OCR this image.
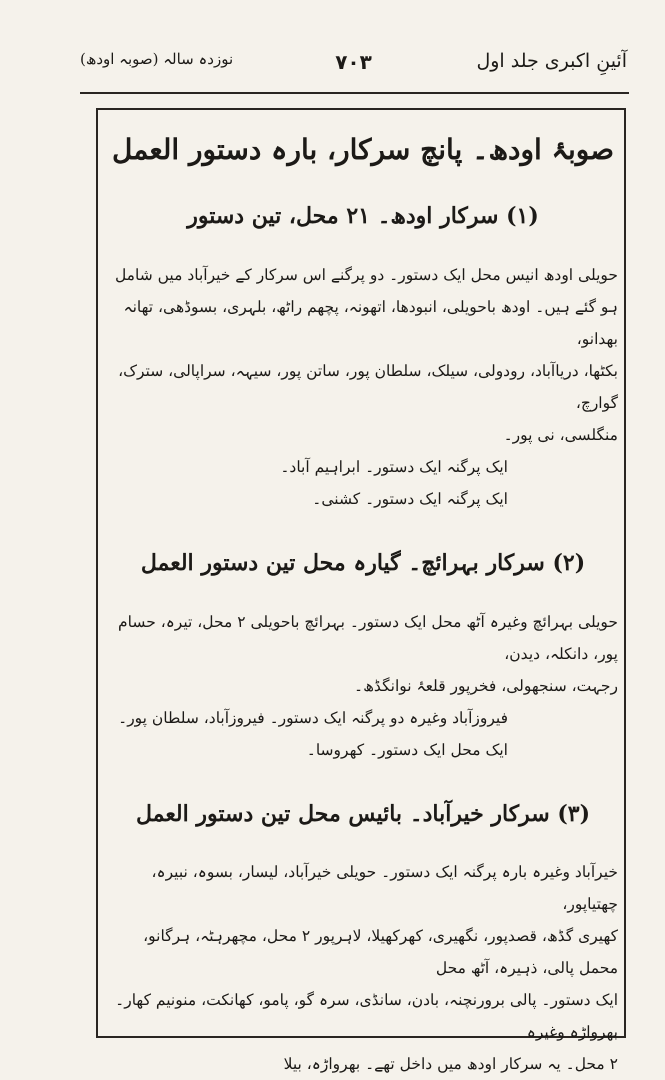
آئینِ اکبری جلد اول
۷۰۳
نوزدہ سالہ (صوبہ اودھ)
صوبۂ اودھ۔ پانچ سرکار، بارہ دستور العمل
(۱) سرکار اودھ۔ ۲۱ محل، تین دستور

حویلی اودھ انیس محل ایک دستور۔ دو پرگنے اس سرکار کے خیرآباد میں شامل

ہو گئے ہیں۔ اودھ باحویلی، انبودھا، اتھونہ، پچھم راٹھ، بلہری، بسوڈھی، تھانہ بھدانو،

بکٹھا، دریاآباد، رودولی، سیلک، سلطان پور، ساتن پور، سیہہ، سراپالی، سترک، گوارچ،

منگلسی، نی پور۔

ایک پرگنہ ایک دستور۔ ابراہیم آباد۔

ایک پرگنہ ایک دستور۔ کشنی۔

(۲) سرکار بہرائچ۔ گیارہ محل تین دستور العمل

حویلی بہرائچ وغیرہ آٹھ محل ایک دستور۔ بہرائچ باحویلی ۲ محل، تیرہ، حسام پور، دانکلہ، دیدن،

رجہت، سنجھولی، فخرپور قلعۂ نوانگڈھ۔

فیروزآباد وغیرہ دو پرگنہ ایک دستور۔ فیروزآباد، سلطان پور۔

ایک محل ایک دستور۔ کھروسا۔

(۳) سرکار خیرآباد۔ بائیس محل تین دستور العمل

خیرآباد وغیرہ بارہ پرگنہ ایک دستور۔ حویلی خیرآباد، لیسار، بسوہ، نبیرہ، چھتیاپور،

کھیری گڈھ، قصدپور، نگھیری، کھرکھیلا، لاہرپور ۲ محل، مچھرہٹہ، ہرگانو، محمل پالی، ذہیرہ، آٹھ محل

ایک دستور۔ پالی برورنچنہ، بادن، سانڈی، سرہ گو، پامو، کھانکت، منونیم کھار۔ بھرواڑہ وغیرہ

۲ محل۔ یہ سرکار اودھ میں داخل تھے۔ بھرواڑہ، بیلا
